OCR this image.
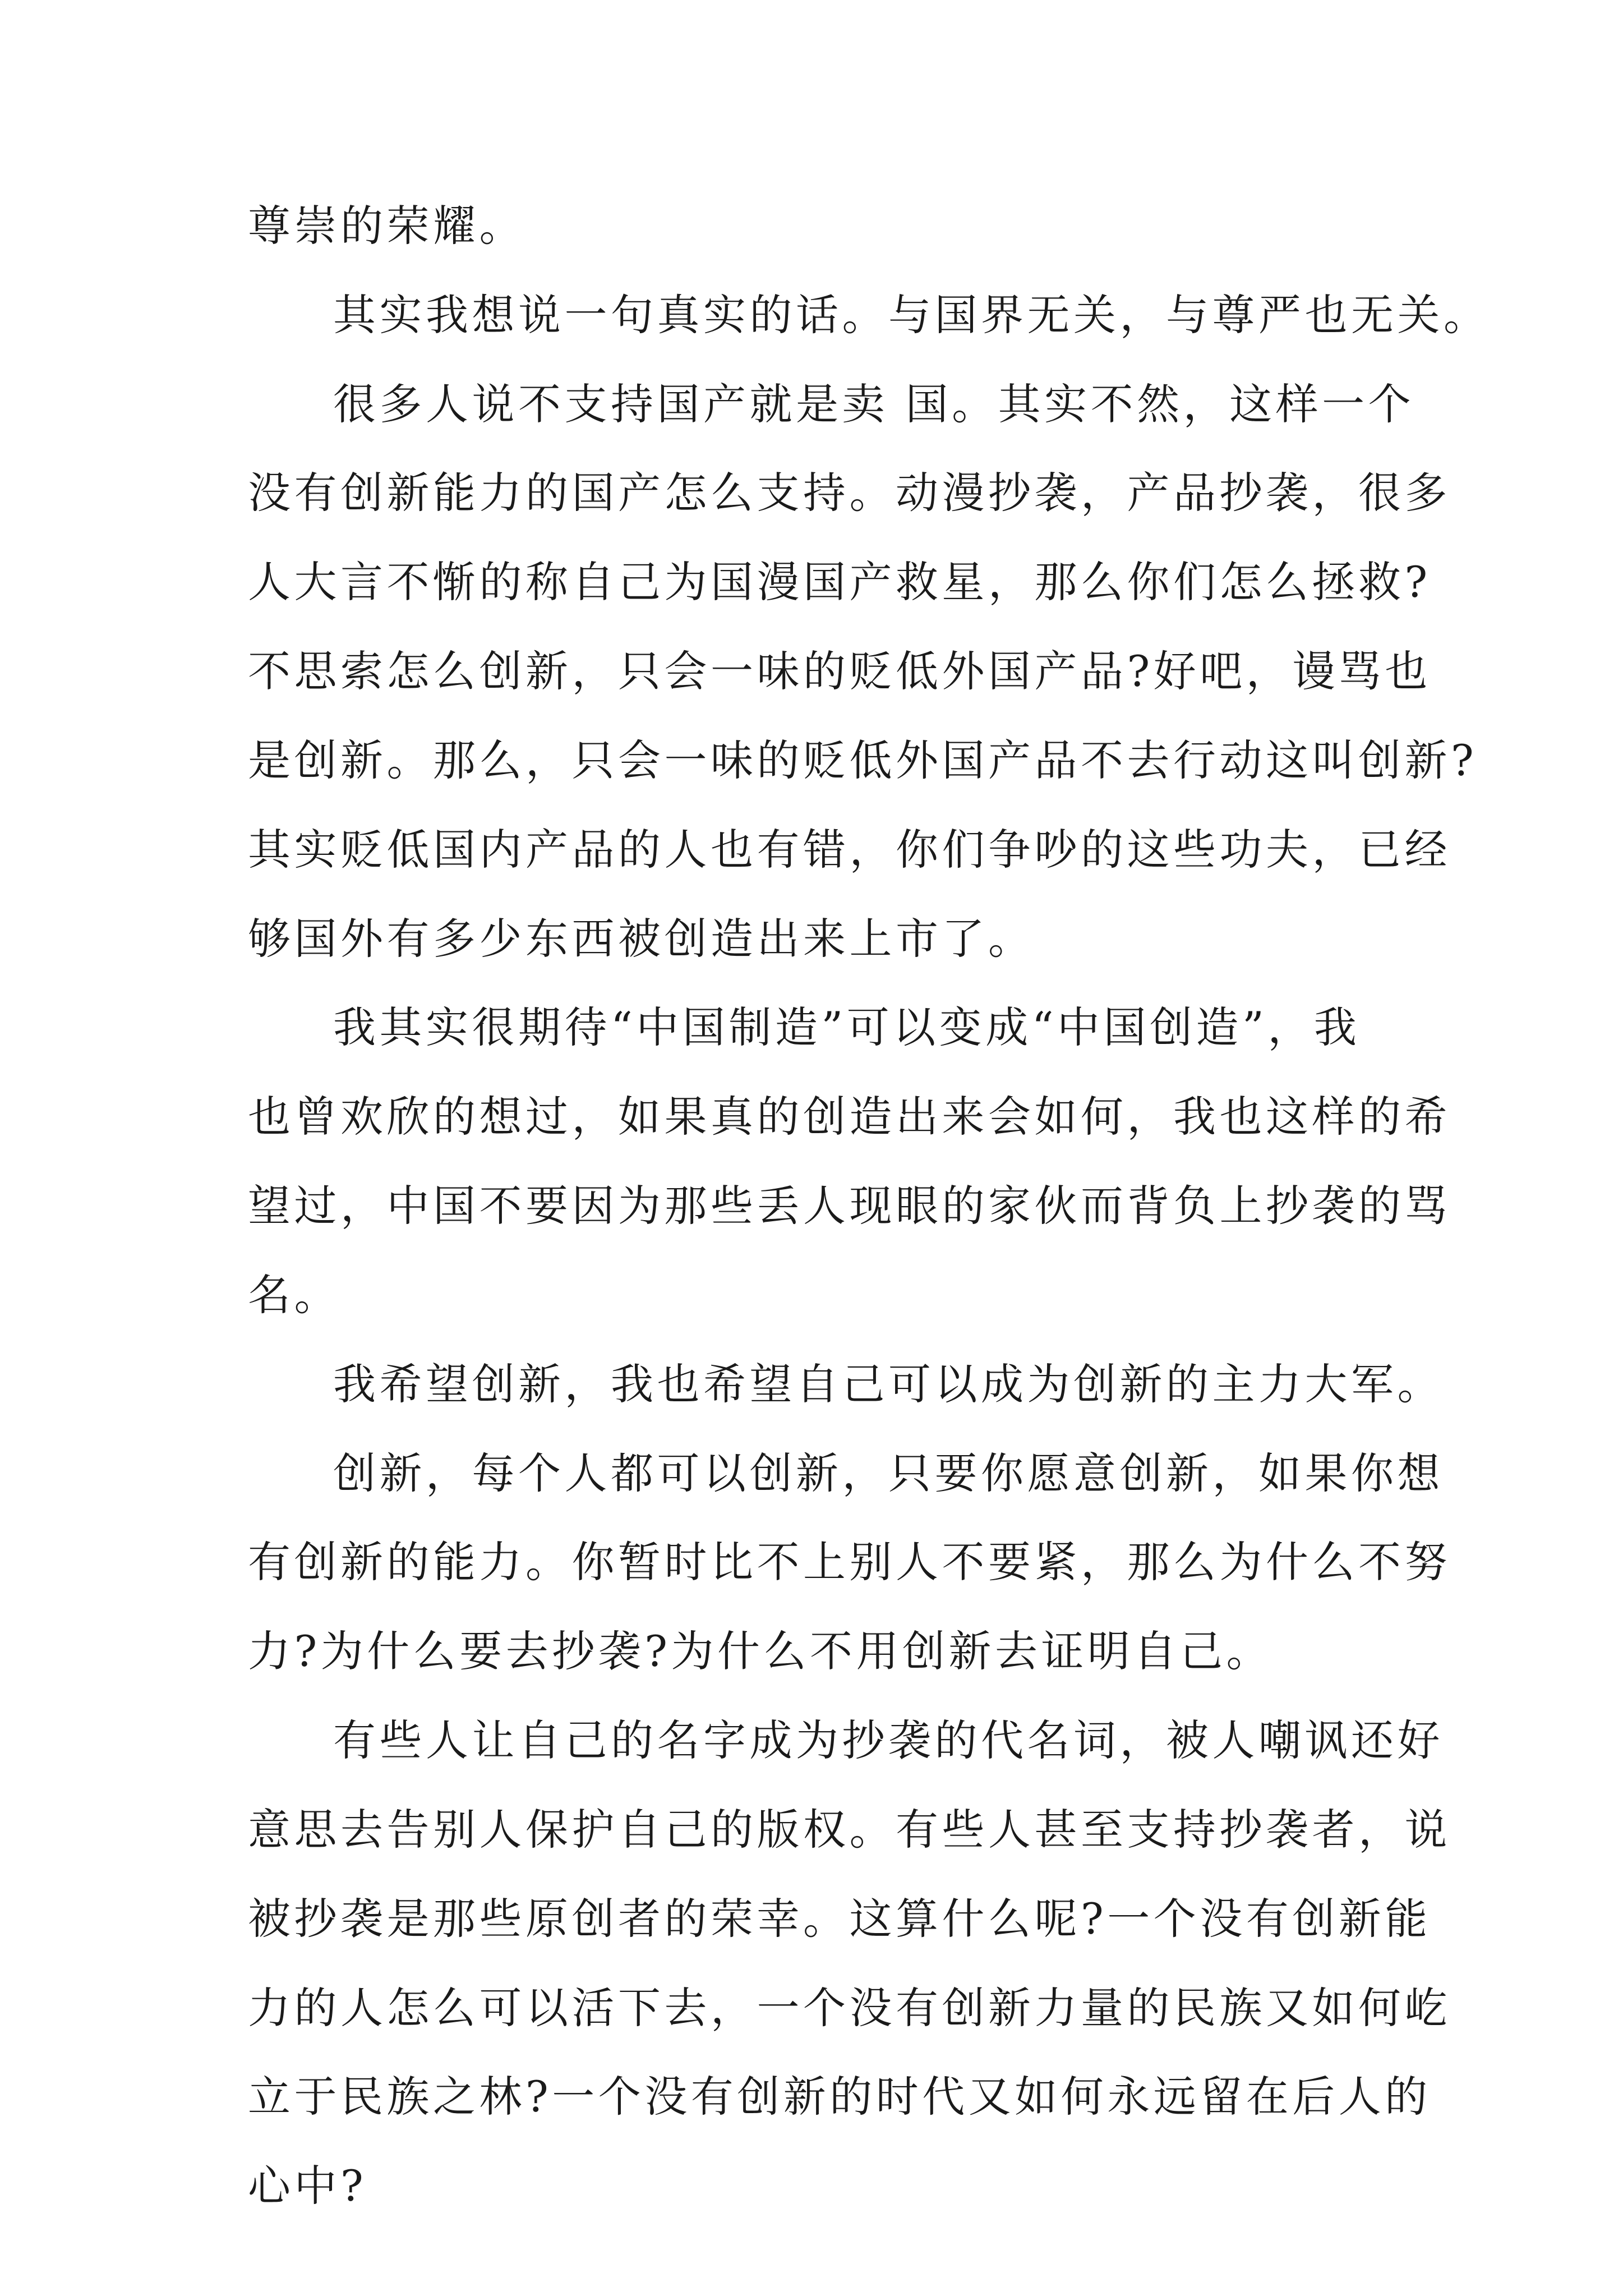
尊崇的荣耀。
其实我想说一句真实的话。与国界无关，与尊严也无关。
很多人说不支持国产就是卖 国。其实不然，这样一个
没有创新能力的国产怎么支持。动漫抄袭，产品抄袭，很多
人大言不惭的称自己为国漫国产救星，那么你们怎么拯救?
不思索怎么创新，只会一味的贬低外国产品?好吧，谩骂也
是创新。那么，只会一味的贬低外国产品不去行动这叫创新?
其实贬低国内产品的人也有错，你们争吵的这些功夫，已经
够国外有多少东西被创造出来上市了。
我其实很期待“中国制造”可以变成“中国创造”，我
也曾欢欣的想过，如果真的创造出来会如何，我也这样的希
望过，中国不要因为那些丢人现眼的家伙而背负上抄袭的骂
名。
我希望创新，我也希望自己可以成为创新的主力大军。
创新，每个人都可以创新，只要你愿意创新，如果你想
有创新的能力。你暂时比不上别人不要紧，那么为什么不努
力?为什么要去抄袭?为什么不用创新去证明自己。
有些人让自己的名字成为抄袭的代名词，被人嘲讽还好
意思去告别人保护自己的版权。有些人甚至支持抄袭者，说
被抄袭是那些原创者的荣幸。这算什么呢?一个没有创新能
力的人怎么可以活下去，一个没有创新力量的民族又如何屹
立于民族之林?一个没有创新的时代又如何永远留在后人的
心中?
